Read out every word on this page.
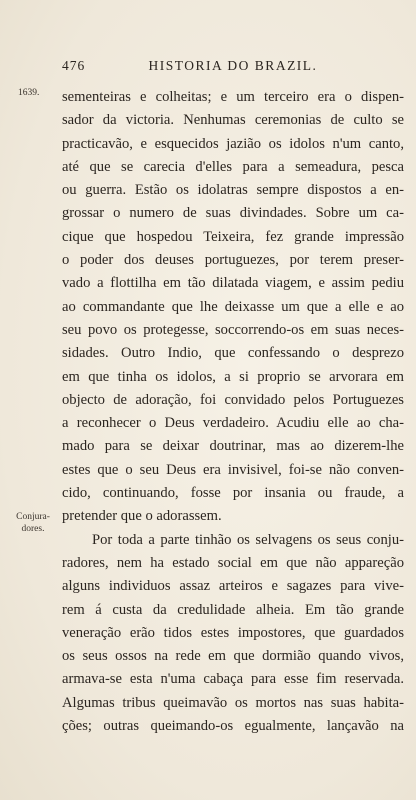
476	HISTORIA DO BRAZIL.
1639.
Conjura-
dores.
sementeiras e colheitas; e um terceiro era o dispen-
sador da victoria. Nenhumas ceremonias de culto se
practicavão, e esquecidos jazião os idolos n'um canto,
até que se carecia d'elles para a semeadura, pesca
ou guerra. Estão os idolatras sempre dispostos a en-
grossar o numero de suas divindades. Sobre um ca-
cique que hospedou Teixeira, fez grande impressão
o poder dos deuses portuguezes, por terem preser-
vado a flottilha em tão dilatada viagem, e assim pediu
ao commandante que lhe deixasse um que a elle e ao
seu povo os protegesse, soccorrendo-os em suas neces-
sidades. Outro Indio, que confessando o desprezo
em que tinha os idolos, a si proprio se arvorara em
objecto de adoração, foi convidado pelos Portuguezes
a reconhecer o Deus verdadeiro. Acudiu elle ao cha-
mado para se deixar doutrinar, mas ao dizerem-lhe
estes que o seu Deus era invisivel, foi-se não conven-
cido, continuando, fosse por insania ou fraude, a
pretender que o adorassem.
Por toda a parte tinhão os selvagens os seus conju-
radores, nem ha estado social em que não appareção
alguns individuos assaz arteiros e sagazes para vive-
rem á custa da credulidade alheia. Em tão grande
veneração erão tidos estes impostores, que guardados
os seus ossos na rede em que dormião quando vivos,
armava-se esta n'uma cabaça para esse fim reservada.
Algumas tribus queimavão os mortos nas suas habita-
ções; outras queimando-os egualmente, lançavão na
